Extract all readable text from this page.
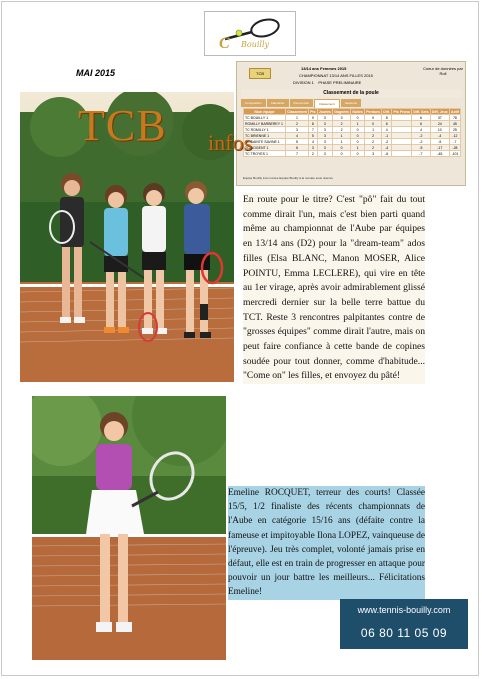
C Bouilly
MAI 2015	TCB
13/14 ans Femmes 2015
CHAMPIONNAT 13/14 ANS FILLES 2015
DIVISION 1 PHASE PRELIMINAIRE
Coeur de données par Roll
Classement de la poule
Composition	Calendrier	Rencontres	Classement	Sessions
Nom équipe	Classement	Pts	Jouées	Gagnées	Nulles	Perdues	Diff.	Pts Prono	Diff. Sets	Diff. Jeux	Actif
TC BOUILLY 1	1	9	3	3	0	0	8		6	37	78
ROMILLY BARBEREY 1	2	8	3	2	1	0	6		6	24	45
TC ROMILLY 1	3	7	3	2	0	1	4		4	10	25
TC BRIENNE 1	4	5	3	1	0	2	-1		-2	-4	-12
TC SAINTE SAVINE 1	5	4	3	1	0	2	-2		-2	-5	-7
TC NOGENT 1	6	3	3	0	1	2	-4		-5	-17	-28
TC TROYES 1	7	2	3	0	0	3	-6		-7	-45	-101
Equipe Bouilly à la montée Equipe Bouilly à la montée sous réserve
TCB infos

En route pour le titre? C'est "pô" fait du tout comme dirait l'un, mais c'est bien parti quand même au championnat de l'Aube par équipes en 13/14 ans (D2) pour la "dream-team" ados filles (Elsa BLANC, Manon MOSER, Alice POINTU, Emma LECLERE), qui vire en tête au 1er virage, après avoir admirablement glissé mercredi dernier sur la belle terre battue du TCT. Reste 3 rencontres palpitantes contre de "grosses équipes" comme dirait l'autre, mais on peut faire confiance à cette bande de copines soudée pour tout donner, comme d'habitude... "Come on" les filles, et envoyez du pâté!

Emeline ROCQUET, terreur des courts! Classée 15/5, 1/2 finaliste des récents championnats de l'Aube en catégorie 15/16 ans (défaite contre la fameuse et impitoyable Ilona LOPEZ, vainqueuse de l'épreuve). Jeu très complet, volonté jamais prise en défaut, elle est en train de progresser en attaque pour pouvoir un jour battre les meilleurs... Félicitations Emeline!

www.tennis-bouilly.com
06 80 11 05 09
